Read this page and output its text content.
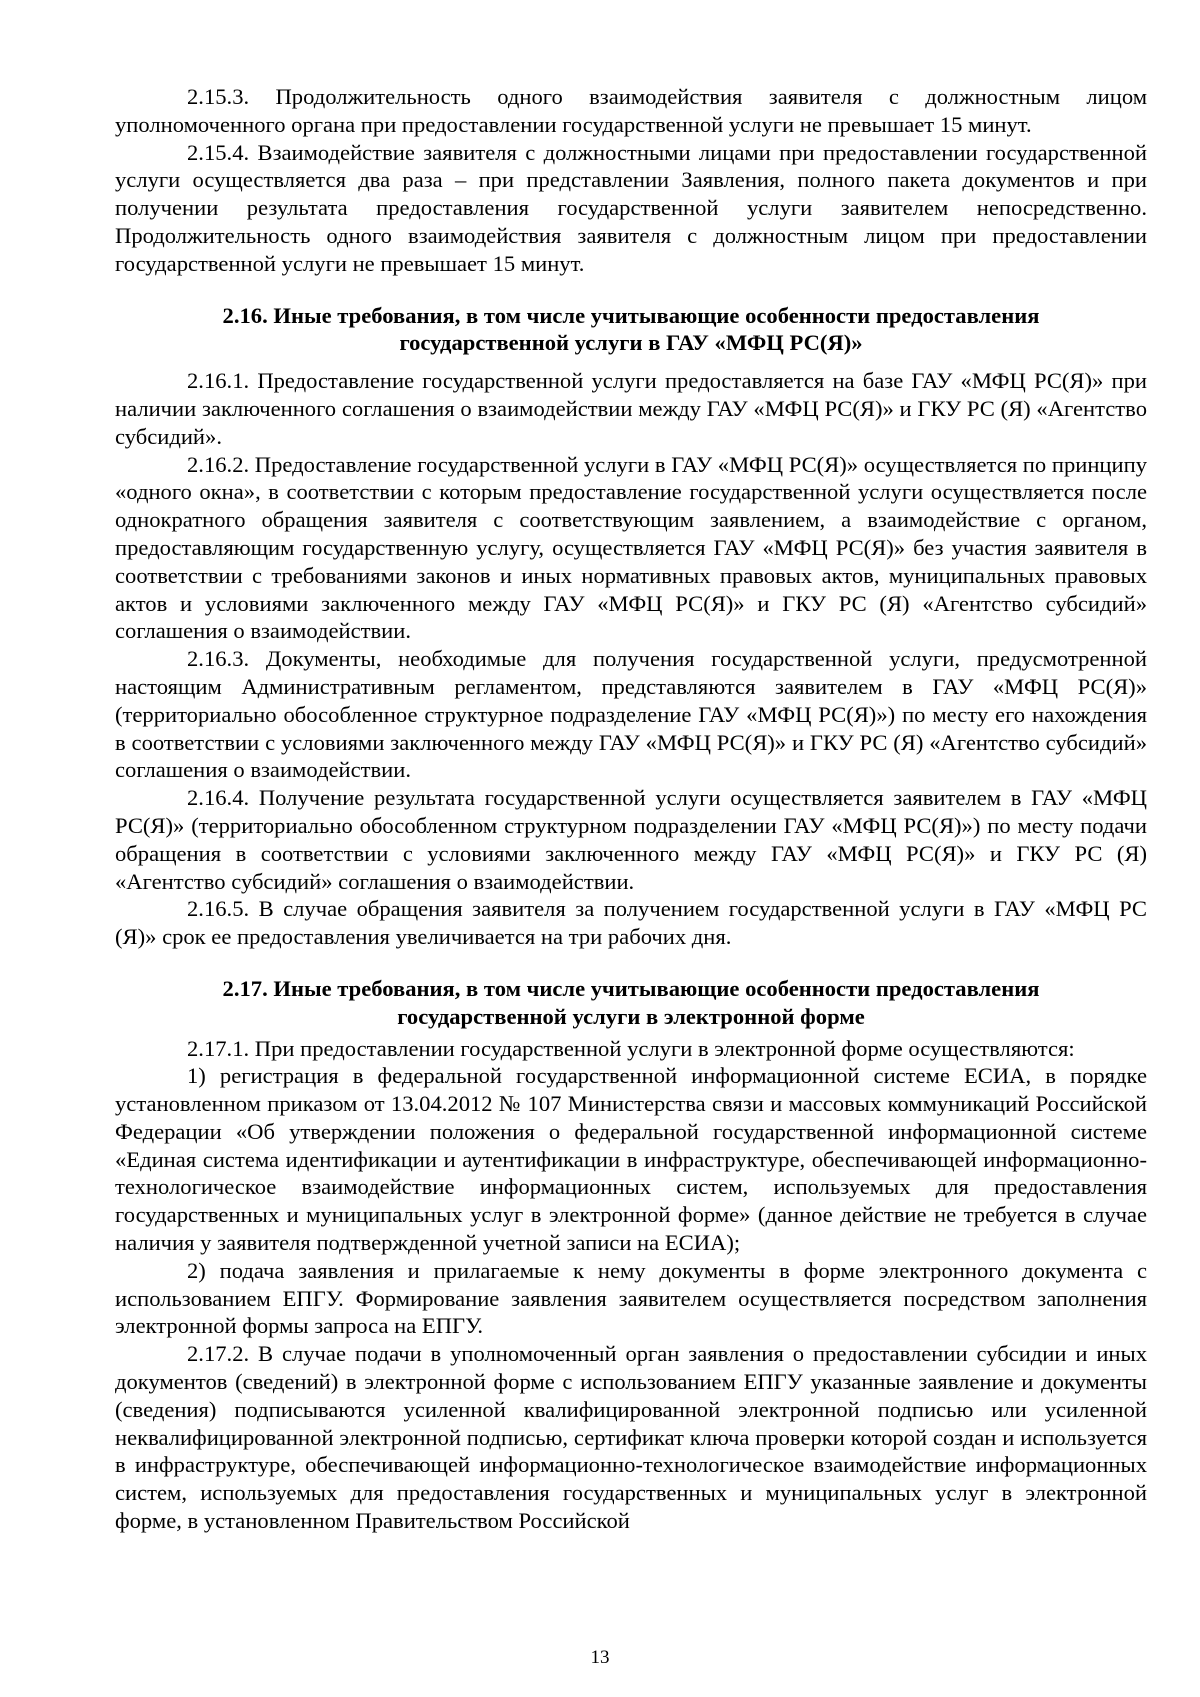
2.15.3. Продолжительность одного взаимодействия заявителя с должностным лицом уполномоченного органа при предоставлении государственной услуги не превышает 15 минут.

2.15.4. Взаимодействие заявителя с должностными лицами при предоставлении государственной услуги осуществляется два раза – при представлении Заявления, полного пакета документов и при получении результата предоставления государственной услуги заявителем непосредственно. Продолжительность одного взаимодействия заявителя с должностным лицом при предоставлении государственной услуги не превышает 15 минут.

2.16. Иные требования, в том числе учитывающие особенности предоставления
государственной услуги в ГАУ «МФЦ РС(Я)»

2.16.1. Предоставление государственной услуги предоставляется на базе ГАУ «МФЦ РС(Я)» при наличии заключенного соглашения о взаимодействии между ГАУ «МФЦ РС(Я)» и ГКУ РС (Я) «Агентство субсидий».

2.16.2. Предоставление государственной услуги в ГАУ «МФЦ РС(Я)» осуществляется по принципу «одного окна», в соответствии с которым предоставление государственной услуги осуществляется после однократного обращения заявителя с соответствующим заявлением, а взаимодействие с органом, предоставляющим государственную услугу, осуществляется ГАУ «МФЦ РС(Я)» без участия заявителя в соответствии с требованиями законов и иных нормативных правовых актов, муниципальных правовых актов и условиями заключенного между ГАУ «МФЦ РС(Я)» и ГКУ РС (Я) «Агентство субсидий» соглашения о взаимодействии.

2.16.3. Документы, необходимые для получения государственной услуги, предусмотренной настоящим Административным регламентом, представляются заявителем в ГАУ «МФЦ РС(Я)» (территориально обособленное структурное подразделение ГАУ «МФЦ РС(Я)») по месту его нахождения в соответствии с условиями заключенного между ГАУ «МФЦ РС(Я)» и ГКУ РС (Я) «Агентство субсидий» соглашения о взаимодействии.

2.16.4. Получение результата государственной услуги осуществляется заявителем в ГАУ «МФЦ РС(Я)» (территориально обособленном структурном подразделении ГАУ «МФЦ РС(Я)») по месту подачи обращения в соответствии с условиями заключенного между ГАУ «МФЦ РС(Я)» и ГКУ РС (Я) «Агентство субсидий» соглашения о взаимодействии.

2.16.5. В случае обращения заявителя за получением государственной услуги в ГАУ «МФЦ РС (Я)» срок ее предоставления увеличивается на три рабочих дня.

2.17. Иные требования, в том числе учитывающие особенности предоставления
государственной услуги в электронной форме

2.17.1. При предоставлении государственной услуги в электронной форме осуществляются:

1) регистрация в федеральной государственной информационной системе ЕСИА, в порядке установленном приказом от 13.04.2012 № 107 Министерства связи и массовых коммуникаций Российской Федерации «Об утверждении положения о федеральной государственной информационной системе «Единая система идентификации и аутентификации в инфраструктуре, обеспечивающей информационно-технологическое взаимодействие информационных систем, используемых для предоставления государственных и муниципальных услуг в электронной форме» (данное действие не требуется в случае наличия у заявителя подтвержденной учетной записи на ЕСИА);

2) подача заявления и прилагаемые к нему документы в форме электронного документа с использованием ЕПГУ. Формирование заявления заявителем осуществляется посредством заполнения электронной формы запроса на ЕПГУ.

2.17.2. В случае подачи в уполномоченный орган заявления о предоставлении субсидии и иных документов (сведений) в электронной форме с использованием ЕПГУ указанные заявление и документы (сведения) подписываются усиленной квалифицированной электронной подписью или усиленной неквалифицированной электронной подписью, сертификат ключа проверки которой создан и используется в инфраструктуре, обеспечивающей информационно-технологическое взаимодействие информационных систем, используемых для предоставления государственных и муниципальных услуг в электронной форме, в установленном Правительством Российской

13
